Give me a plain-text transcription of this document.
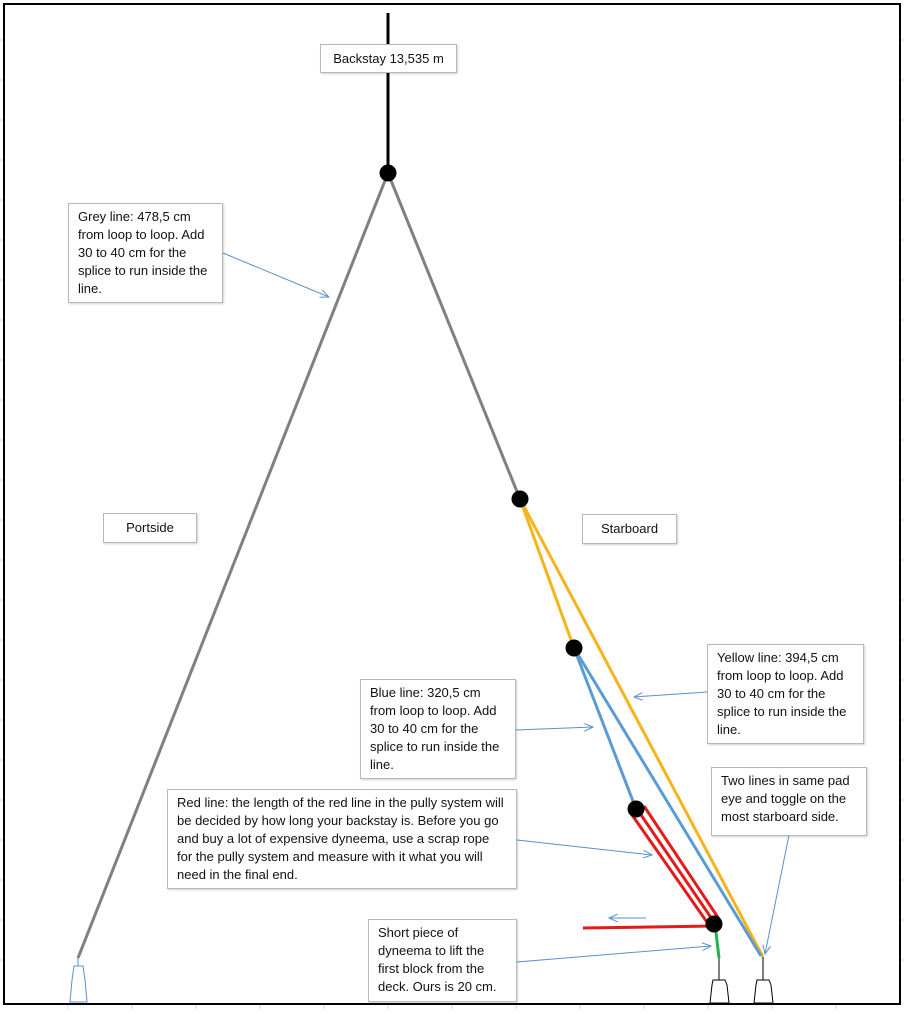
Backstay 13,535 m
Grey line: 478,5 cm from loop to loop. Add 30 to 40 cm for the splice to run inside the line.
Portside	Starboard
Yellow line: 394,5 cm from loop to loop. Add 30 to 40 cm for the splice to run inside the line.
Blue line: 320,5 cm from loop to loop. Add 30 to 40 cm for the splice to run inside the line.
Two lines in same pad eye and toggle on the most starboard side.
Red line: the length of the red line in the pully system will be decided by how long your backstay is. Before you go and buy a lot of expensive dyneema, use a scrap rope for the pully system and measure with it what you will need in the final end.
Short piece of dyneema to lift the first block from the deck. Ours is 20 cm.
